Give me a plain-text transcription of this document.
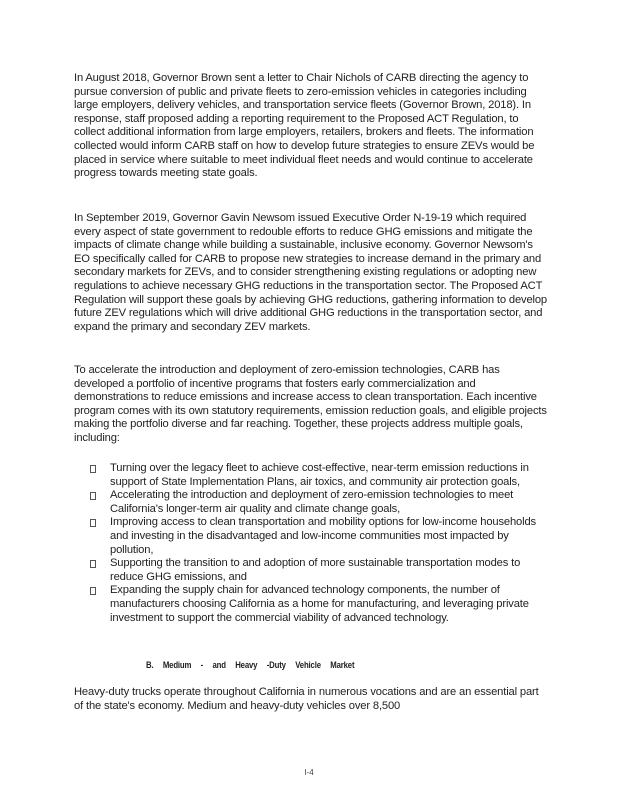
In August 2018, Governor Brown sent a letter to Chair Nichols of CARB directing the agency to pursue conversion of public and private fleets to zero-emission vehicles in categories including large employers, delivery vehicles, and transportation service fleets (Governor Brown, 2018). In response, staff proposed adding a reporting requirement to the Proposed ACT Regulation, to collect additional information from large employers, retailers, brokers and fleets. The information collected would inform CARB staff on how to develop future strategies to ensure ZEVs would be placed in service where suitable to meet individual fleet needs and would continue to accelerate progress towards meeting state goals.

In September 2019, Governor Gavin Newsom issued Executive Order N-19-19 which required every aspect of state government to redouble efforts to reduce GHG emissions and mitigate the impacts of climate change while building a sustainable, inclusive economy. Governor Newsom's EO specifically called for CARB to propose new strategies to increase demand in the primary and secondary markets for ZEVs, and to consider strengthening existing regulations or adopting new regulations to achieve necessary GHG reductions in the transportation sector. The Proposed ACT Regulation will support these goals by achieving GHG reductions, gathering information to develop future ZEV regulations which will drive additional GHG reductions in the transportation sector, and expand the primary and secondary ZEV markets.

To accelerate the introduction and deployment of zero-emission technologies, CARB has developed a portfolio of incentive programs that fosters early commercialization and demonstrations to reduce emissions and increase access to clean transportation. Each incentive program comes with its own statutory requirements, emission reduction goals, and eligible projects making the portfolio diverse and far reaching. Together, these projects address multiple goals, including:

Turning over the legacy fleet to achieve cost-effective, near-term emission reductions in support of State Implementation Plans, air toxics, and community air protection goals,
Accelerating the introduction and deployment of zero-emission technologies to meet California's longer-term air quality and climate change goals,
Improving access to clean transportation and mobility options for low-income households and investing in the disadvantaged and low-income communities most impacted by pollution,
Supporting the transition to and adoption of more sustainable transportation modes to reduce GHG emissions, and
Expanding the supply chain for advanced technology components, the number of manufacturers choosing California as a home for manufacturing, and leveraging private investment to support the commercial viability of advanced technology.
B. Medium - and Heavy -Duty Vehicle Market

Heavy-duty trucks operate throughout California in numerous vocations and are an essential part of the state's economy. Medium and heavy-duty vehicles over 8,500

I-4
